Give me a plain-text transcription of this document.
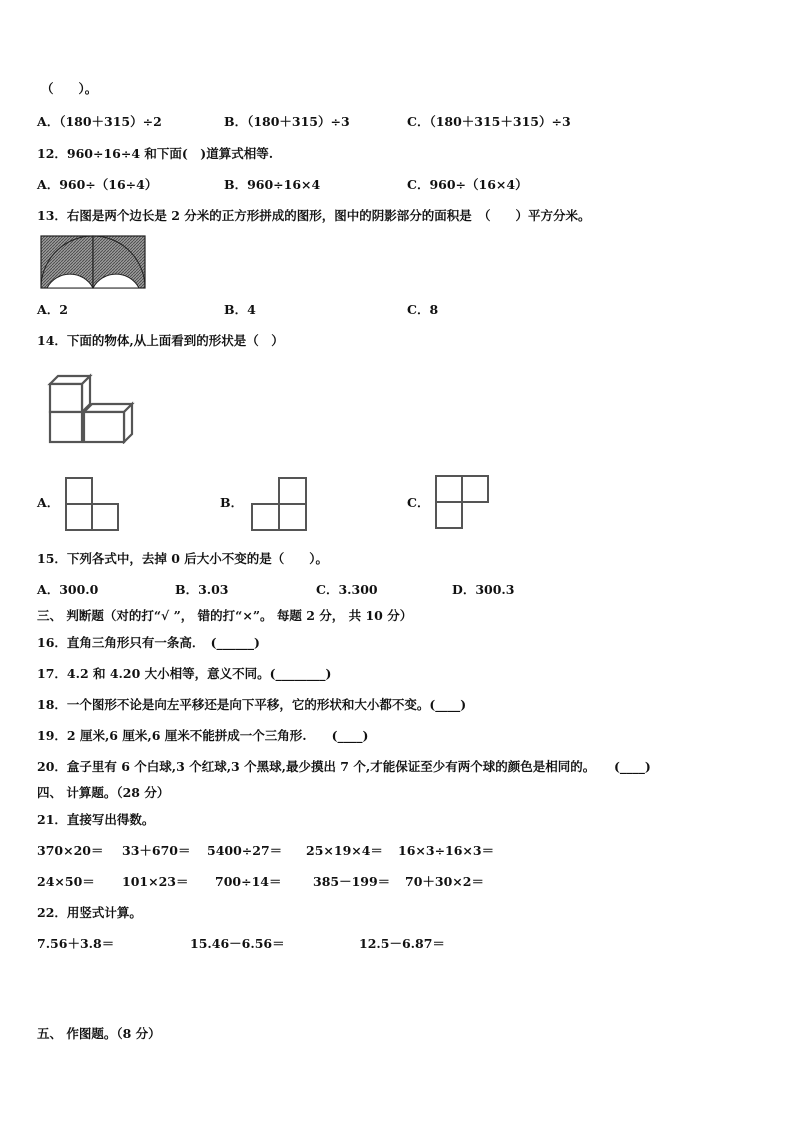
（　　）。
A．（180＋315）÷2	B．（180＋315）÷3	C．（180＋315＋315）÷3
12．960÷16÷4 和下面(　)道算式相等.
A．960÷（16÷4）	B．960÷16×4	C．960÷（16×4）
13．右图是两个边长是 2 分米的正方形拼成的图形，图中的阴影部分的面积是　（　　）平方分米。
A．2	B．4	C．8
14．下面的物体,从上面看到的形状是（　）
A．	B．	C．
15．下列各式中，去掉 0 后大小不变的是（　　）。
A．300.0	B．3.03	C．3.300	D．300.3
三、 判断题（对的打“√ ”， 错的打“×”。 每题 2 分， 共 10 分）
16．直角三角形只有一条高．　(______)
17．4.2 和 4.20 大小相等，意义不同。(________)
18．一个图形不论是向左平移还是向下平移，它的形状和大小都不变。(____)
19．2 厘米,6 厘米,6 厘米不能拼成一个三角形.　　(____)
20．盒子里有 6 个白球,3 个红球,3 个黑球,最少摸出 7 个,才能保证至少有两个球的颜色是相同的。　　(____)
四、 计算题。（28 分）
21．直接写出得数。
370×20＝ 33＋670＝ 5400÷27＝ 25×19×4＝ 16×3÷16×3＝
24×50＝ 101×23＝ 700÷14＝	385－199＝ 70＋30×2＝
22．用竖式计算。
7.56＋3.8＝	15.46－6.56＝	12.5－6.87＝
五、 作图题。（8 分）
